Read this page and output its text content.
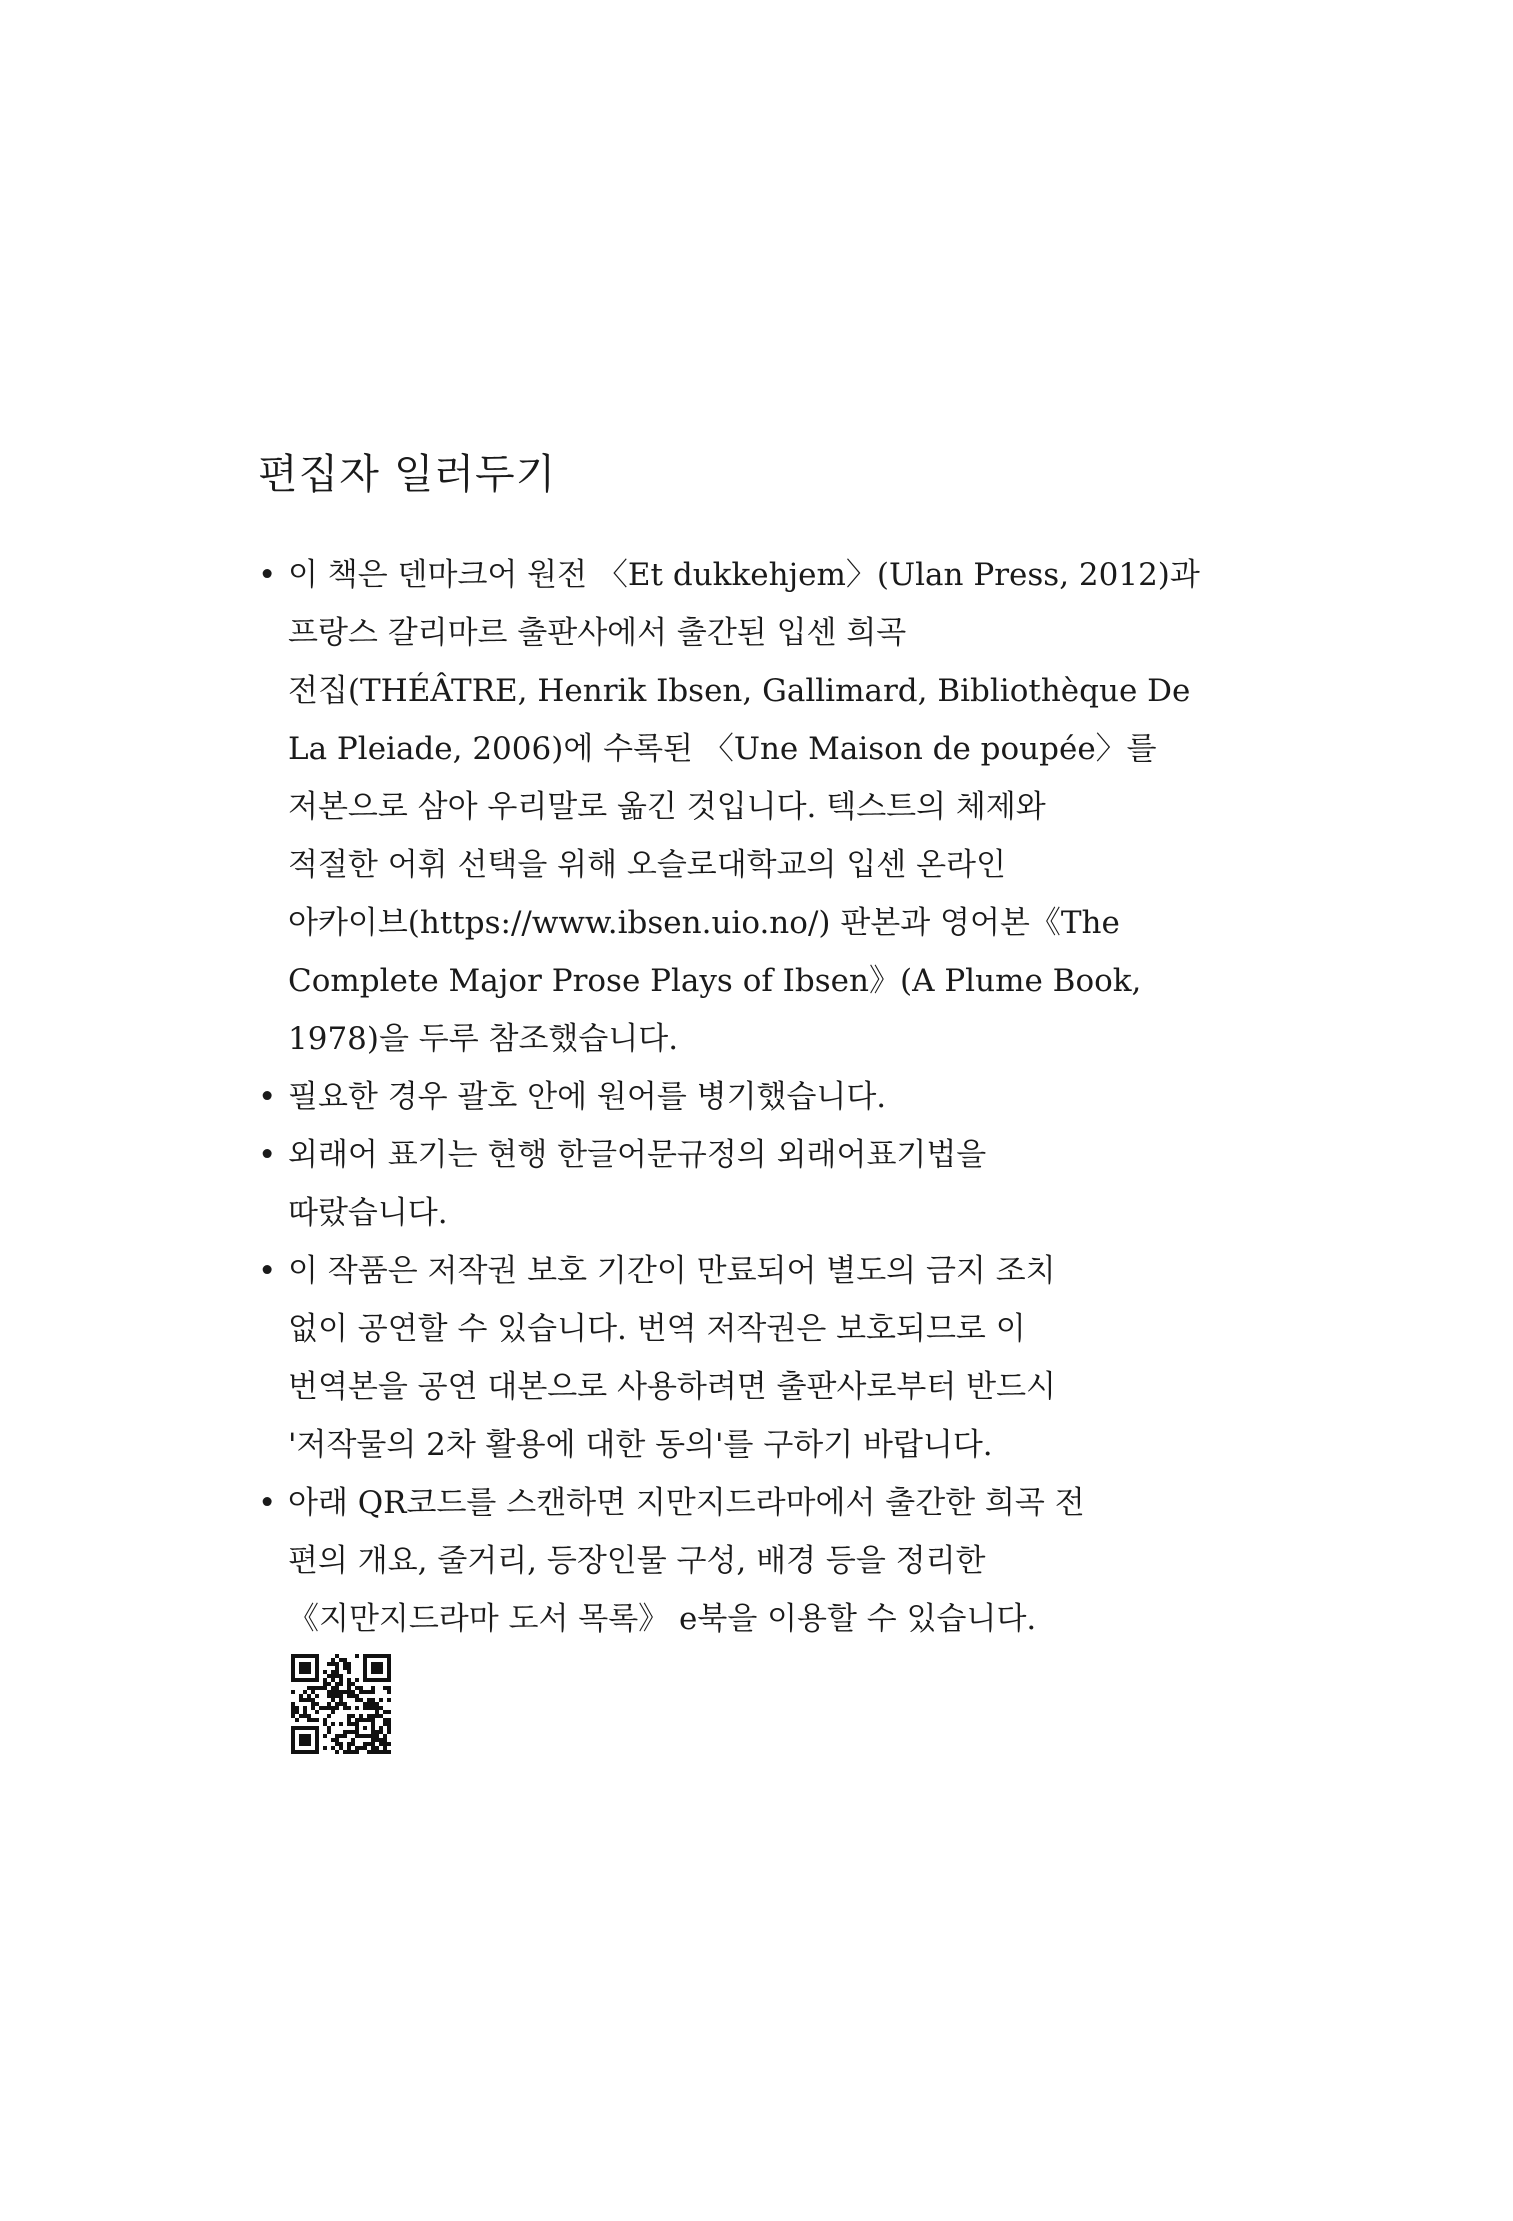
편집자 일러두기
• 이 책은 덴마크어 원전 〈Et dukkehjem〉(Ulan Press, 2012)과
프랑스 갈리마르 출판사에서 출간된 입센 희곡
전집(THÉÂTRE, Henrik Ibsen, Gallimard, Bibliothèque De
La Pleiade, 2006)에 수록된 〈Une Maison de poupée〉를
저본으로 삼아 우리말로 옮긴 것입니다. 텍스트의 체제와
적절한 어휘 선택을 위해 오슬로대학교의 입센 온라인
아카이브(https://www.ibsen.uio.no/) 판본과 영어본《The
Complete Major Prose Plays of Ibsen》(A Plume Book,
1978)을 두루 참조했습니다.
• 필요한 경우 괄호 안에 원어를 병기했습니다.
• 외래어 표기는 현행 한글어문규정의 외래어표기법을
따랐습니다.
• 이 작품은 저작권 보호 기간이 만료되어 별도의 금지 조치
없이 공연할 수 있습니다. 번역 저작권은 보호되므로 이
번역본을 공연 대본으로 사용하려면 출판사로부터 반드시
'저작물의 2차 활용에 대한 동의'를 구하기 바랍니다.
• 아래 QR코드를 스캔하면 지만지드라마에서 출간한 희곡 전
편의 개요, 줄거리, 등장인물 구성, 배경 등을 정리한
《지만지드라마 도서 목록》 e북을 이용할 수 있습니다.
